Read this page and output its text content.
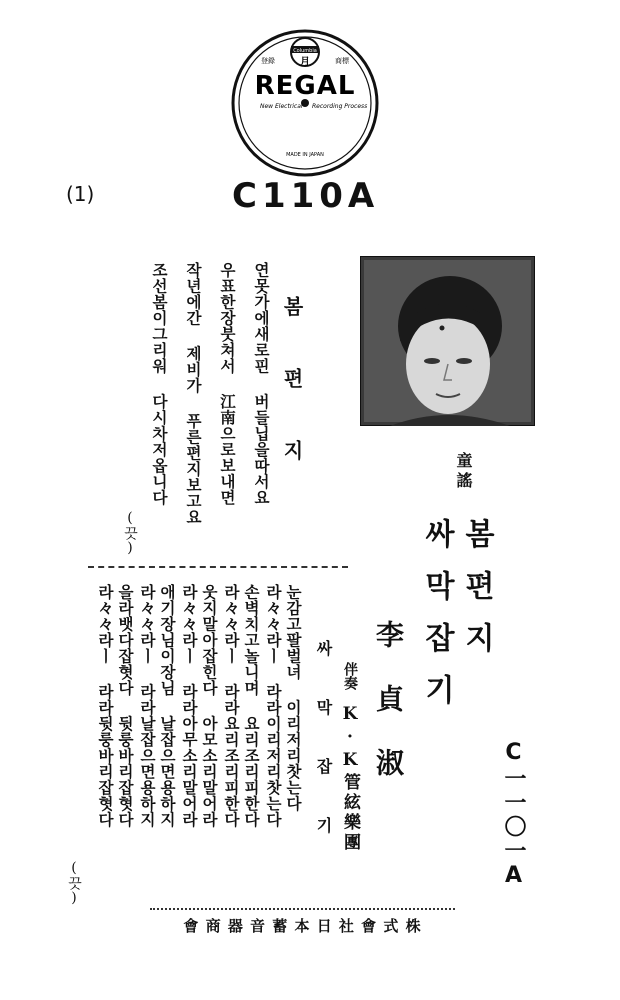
月
Columbia
登錄	商標
REGAL
New Electrical Recording Process
MADE IN JAPAN
(1)	C110A
봄 편 지
연못가에새로핀 버들닙을따서요
우표한장붓쳐서 江南으로보내면
작년에간 제비가 푸른편지보고요
조선봄이그리워 다시차저옵니다
(끗)
싸 막 잡 기
눈감고팔벌녀 이리저리찻는다
라々々라ㅣ 라라이리저리찻는다
손벽치고놀니며 요리조리피한다
라々々라ㅣ 라라요리조리피한다
웃지말아잡힌다 아모소리말어라
라々々라ㅣ 라라아무소리말어라
애기장님이장님 날잡으면용하지
라々々라ㅣ 라라날잡으면용하지
을라뱃다잡혓다 뒷룽바리잡혓다
라々々라ㅣ 라라뒷룽바리잡혓다
(끗)
童謠
봄편지
싸막잡기
李貞淑
伴奏
K·K管絃樂團	C一一〇一A
會 商 器 音 蓄 本 日 社 會 式 株
